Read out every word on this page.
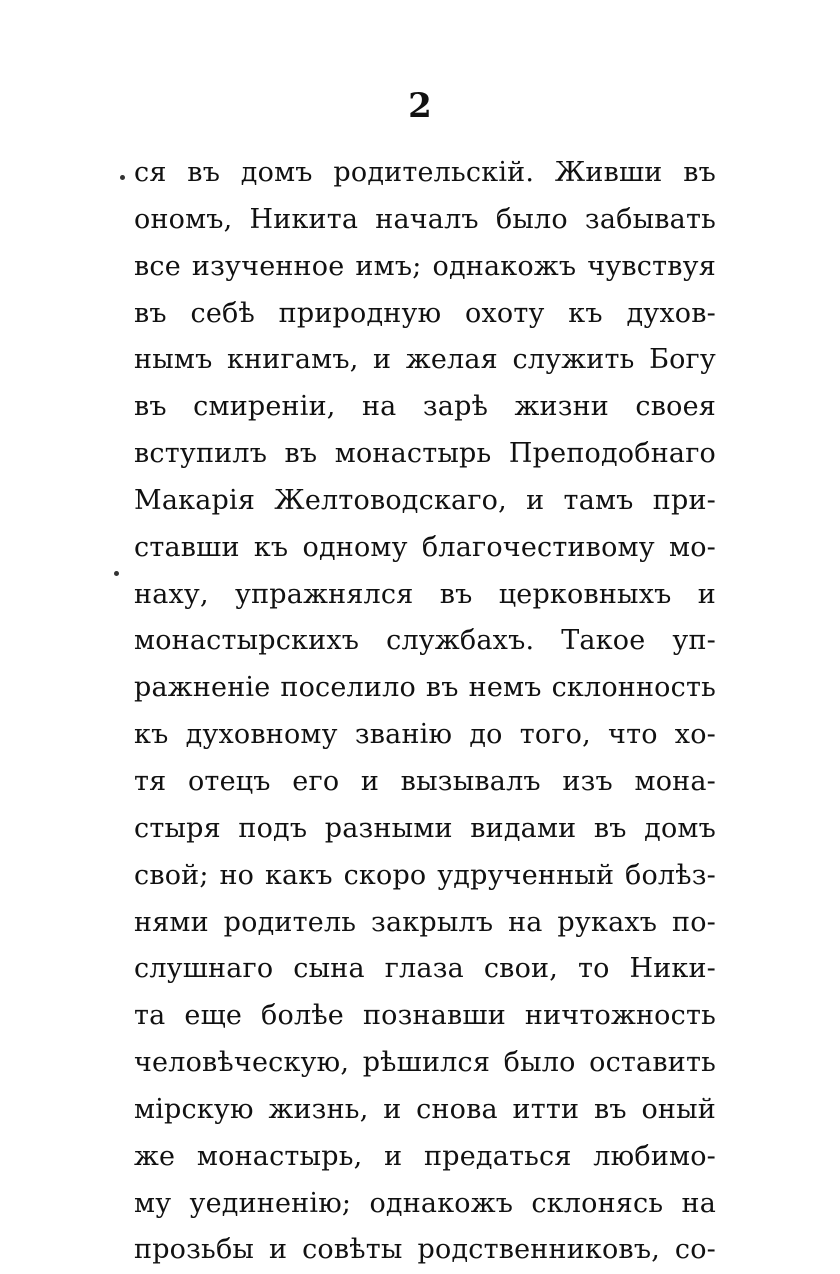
2
ся въ домъ родительскій. Живши въ
ономъ, Никита началъ было забывать
все изученное имъ; однакожъ чувствуя
въ себѣ природную охоту къ духов-
нымъ книгамъ, и желая служить Богу
въ смиреніи, на зарѣ жизни своея
вступилъ въ монастырь Преподобнаго
Макарія Желтоводскаго, и тамъ при-
ставши къ одному благочестивому мо-
наху, упражнялся въ церковныхъ и
монастырскихъ службахъ. Такое уп-
ражненіе поселило въ немъ склонность
къ духовному званію до того, что хо-
тя отецъ его и вызывалъ изъ мона-
стыря подъ разными видами въ домъ
свой; но какъ скоро удрученный болѣз-
нями родитель закрылъ на рукахъ по-
слушнаго сына глаза свои, то Ники-
та еще болѣе познавши ничтожность
человѣческую, рѣшился было оставить
мірскую жизнь, и снова итти въ оный
же монастырь, и предаться любимо-
му уединенію; однакожъ склонясь на
прозьбы и совѣты родственниковъ, со-
